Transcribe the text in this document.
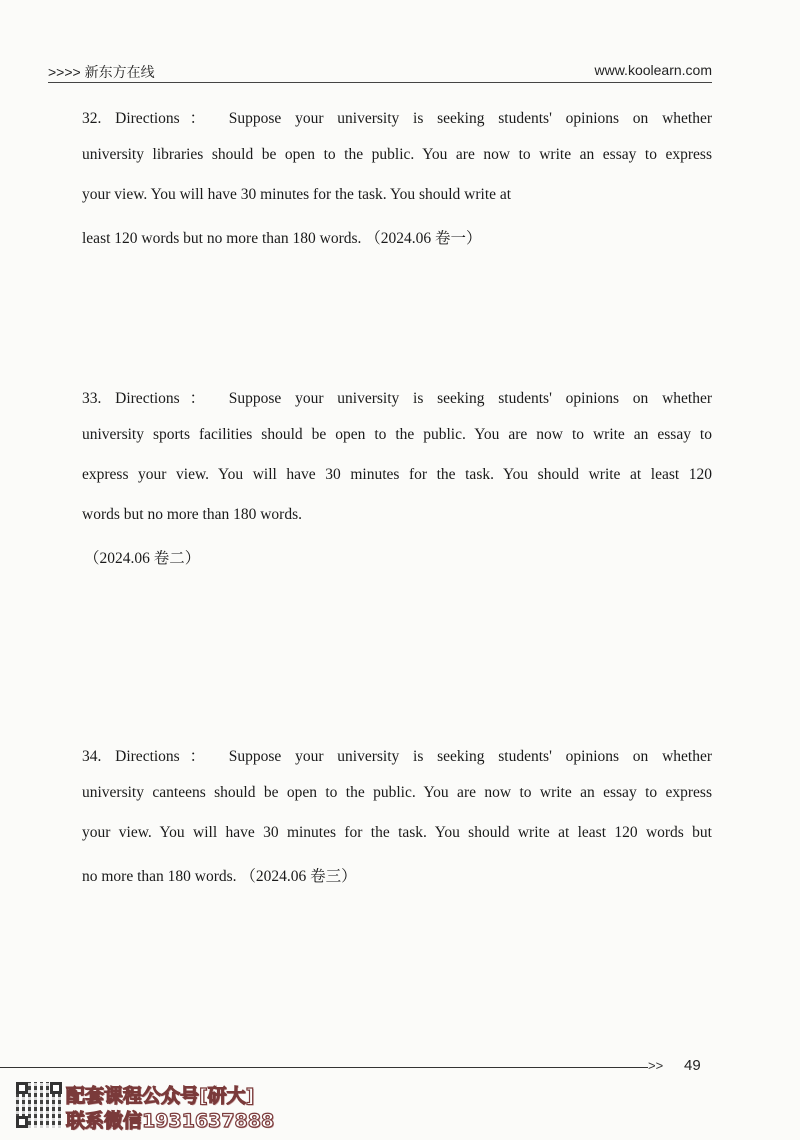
>>>> 新东方在线	www.koolearn.com
32. Directions： Suppose your university is seeking students' opinions on whether
university libraries should be open to the public. You are now to write an essay to express
your view. You will have 30 minutes for the task. You should write at
least 120 words but no more than 180 words. （2024.06 卷一）
33. Directions： Suppose your university is seeking students' opinions on whether
university sports facilities should be open to the public. You are now to write an essay to
express your view. You will have 30 minutes for the task. You should write at least 120
words but no more than 180 words.
（2024.06 卷二）
34. Directions： Suppose your university is seeking students' opinions on whether
university canteens should be open to the public. You are now to write an essay to express
your view. You will have 30 minutes for the task. You should write at least 120 words but
no more than 180 words. （2024.06 卷三）
>> 49
配套课程公众号[研大]
联系微信1931637888
